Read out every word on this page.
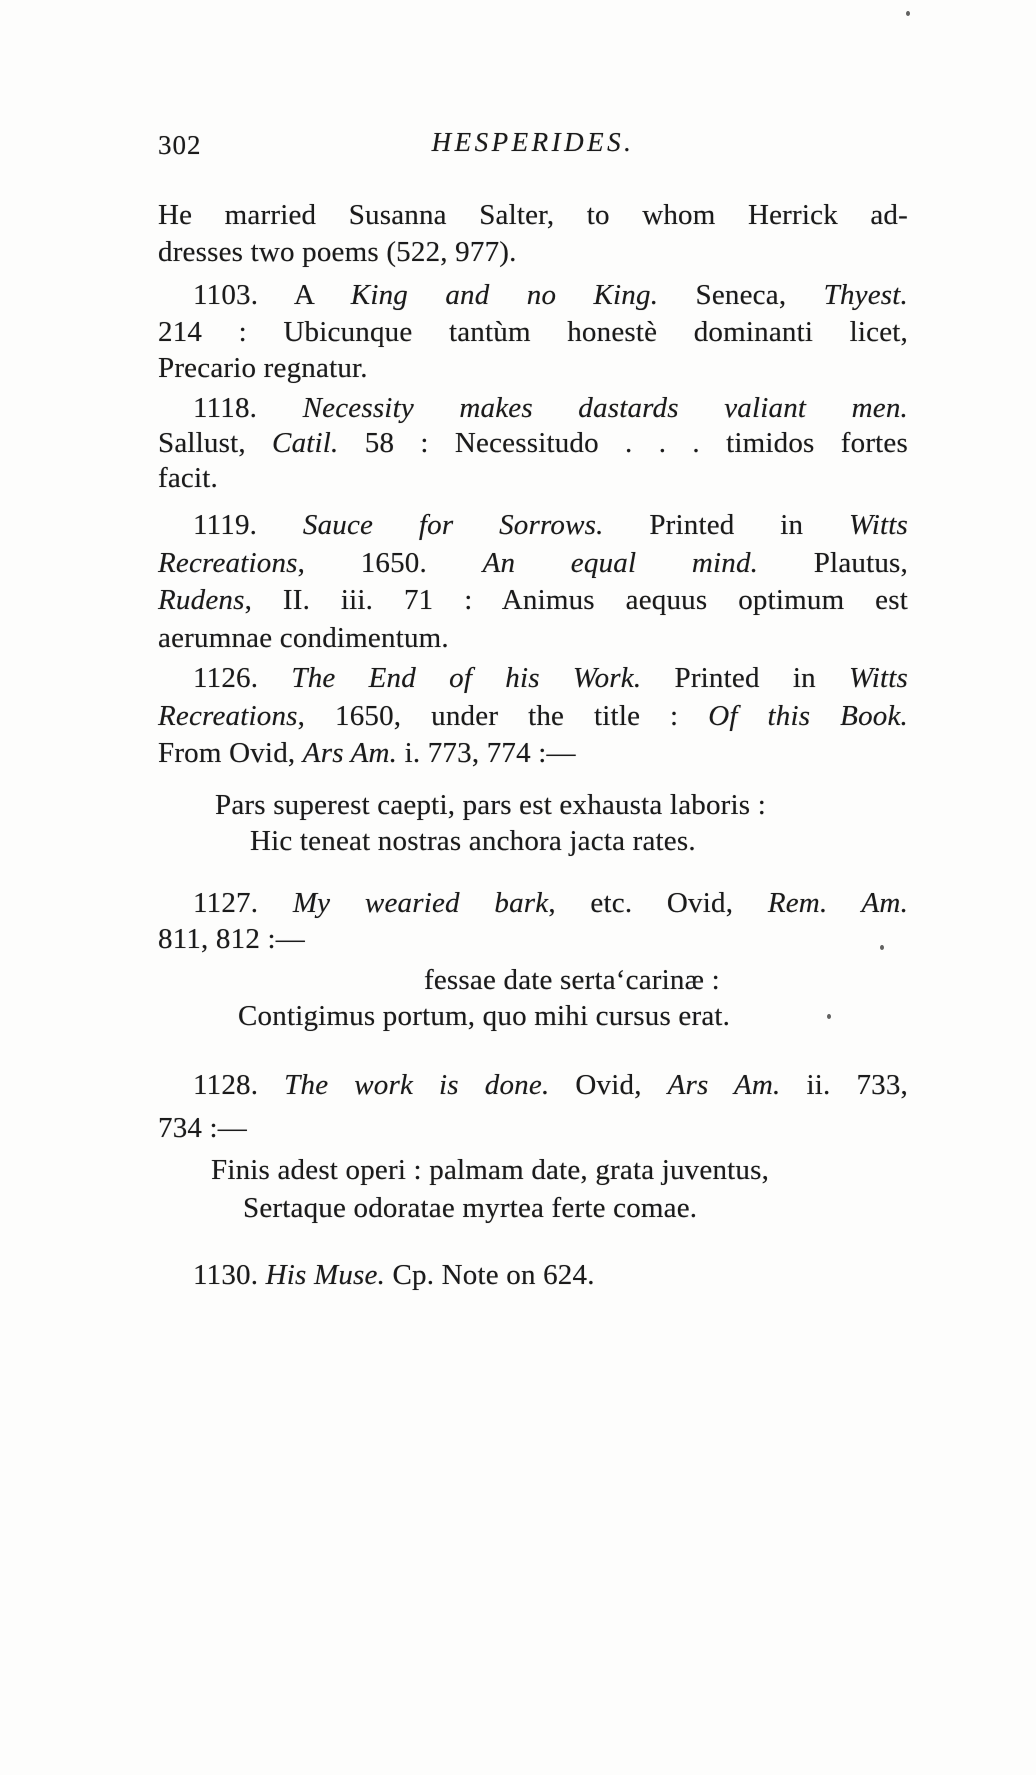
302	HESPERIDES.
He married Susanna Salter, to whom Herrick ad-
dresses two poems (522, 977).
1103. A King and no King. Seneca, Thyest.
214 : Ubicunque tantùm honestè dominanti licet,
Precario regnatur.
1118. Necessity makes dastards valiant men.
Sallust, Catil. 58 : Necessitudo . . . timidos fortes
facit.
1119. Sauce for Sorrows. Printed in Witts
Recreations, 1650. An equal mind. Plautus,
Rudens, II. iii. 71 : Animus aequus optimum est
aerumnae condimentum.
1126. The End of his Work. Printed in Witts
Recreations, 1650, under the title : Of this Book.
From Ovid, Ars Am. i. 773, 774 :—
Pars superest caepti, pars est exhausta laboris :
Hic teneat nostras anchora jacta rates.
1127. My wearied bark, etc. Ovid, Rem. Am.
811, 812 :—
fessae date serta‘carinæ :
Contigimus portum, quo mihi cursus erat.
1128. The work is done. Ovid, Ars Am. ii. 733,
734 :—
Finis adest operi : palmam date, grata juventus,
Sertaque odoratae myrtea ferte comae.
1130. His Muse. Cp. Note on 624.
